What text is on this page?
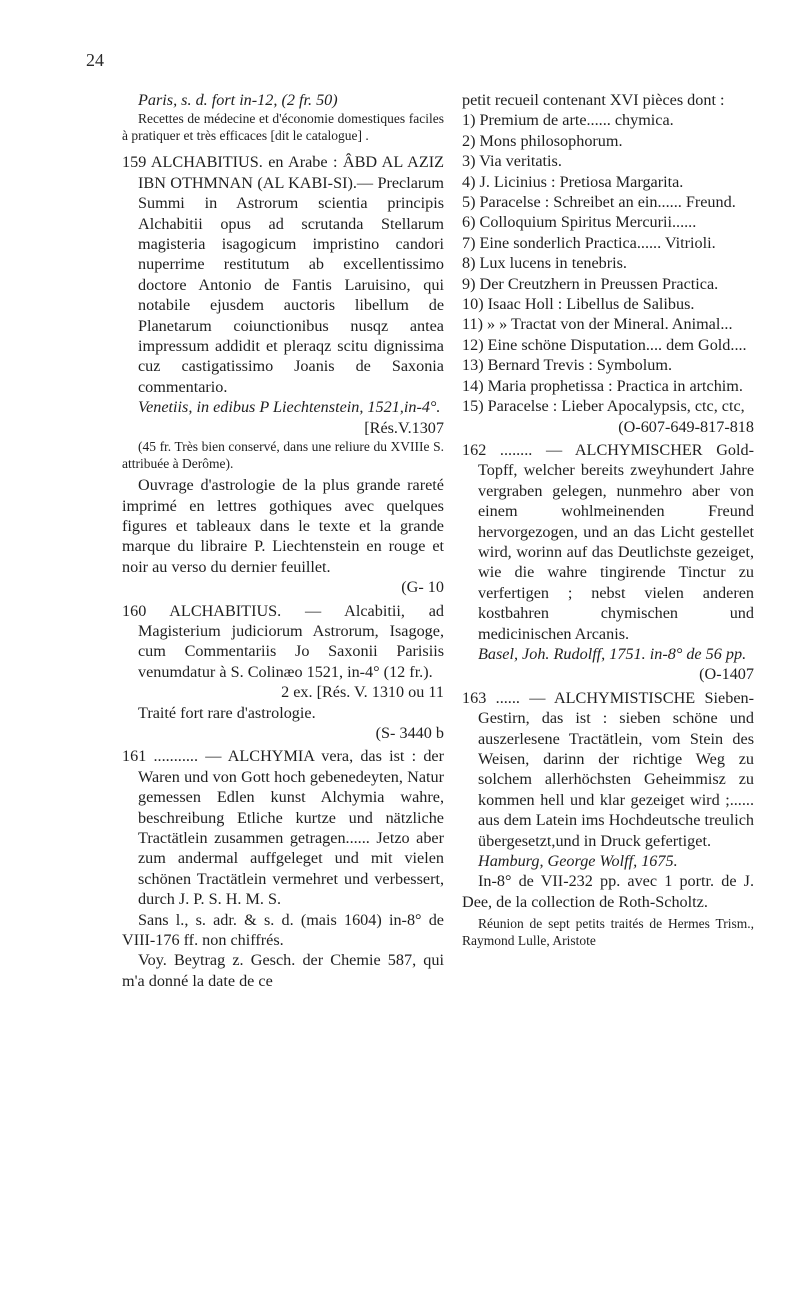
24

Paris, s. d. fort in-12, (2 fr. 50)

Recettes de médecine et d'économie domestiques faciles à pratiquer et très efficaces [dit le catalogue] .

159 ALCHABITIUS. en Arabe : ÂBD AL AZIZ IBN OTHMNAN (AL KABI-SI).— Preclarum Summi in Astrorum scientia principis Alchabitii opus ad scrutanda Stellarum magisteria isagogicum impristino candori nuperrime restitutum ab excellentissimo doctore Antonio de Fantis Laruisino, qui notabile ejusdem auctoris libellum de Planetarum coiunctionibus nusqz antea impressum addidit et pleraqz scitu dignissima cuz castigatissimo Joanis de Saxonia commentario.

Venetiis, in edibus P Liechtenstein, 1521,in-4°.

[Rés.V.1307

(45 fr. Très bien conservé, dans une reliure du XVIIIe S. attribuée à Derôme).

Ouvrage d'astrologie de la plus grande rareté imprimé en lettres gothiques avec quelques figures et tableaux dans le texte et la grande marque du libraire P. Liechtenstein en rouge et noir au verso du dernier feuillet.

(G- 10

160 ALCHABITIUS. — Alcabitii, ad Magisterium judiciorum Astrorum, Isagoge, cum Commentariis Jo Saxonii Parisiis venumdatur à S. Colinæo 1521, in-4° (12 fr.).

2 ex. [Rés. V. 1310 ou 11

Traité fort rare d'astrologie.

(S- 3440 b

161 ........... — ALCHYMIA vera, das ist : der Waren und von Gott hoch gebenedeyten, Natur gemessen Edlen kunst Alchymia wahre, beschreibung Etliche kurtze und nätzliche Tractätlein zusammen getragen...... Jetzo aber zum andermal auffgeleget und mit vielen schönen Tractätlein vermehret und verbessert, durch J. P. S. H. M. S.

Sans l., s. adr. & s. d. (mais 1604) in-8° de VIII-176 ff. non chiffrés.

Voy. Beytrag z. Gesch. der Chemie 587, qui m'a donné la date de ce

petit recueil contenant XVI pièces dont :

1) Premium de arte...... chymica.

2) Mons philosophorum.

3) Via veritatis.

4) J. Licinius : Pretiosa Margarita.

5) Paracelse : Schreibet an ein...... Freund.

6) Colloquium Spiritus Mercurii......

7) Eine sonderlich Practica...... Vitrioli.

8) Lux lucens in tenebris.

9) Der Creutzhern in Preussen Practica.

10) Isaac Holl : Libellus de Salibus.

11) » » Tractat von der Mineral. Animal...

12) Eine schöne Disputation.... dem Gold....

13) Bernard Trevis : Symbolum.

14) Maria prophetissa : Practica in artchim.

15) Paracelse : Lieber Apocalypsis, ctc, ctc,

(O-607-649-817-818

162 ........ — ALCHYMISCHER Gold-Topff, welcher bereits zweyhundert Jahre vergraben gelegen, nunmehro aber von einem wohlmeinenden Freund hervorgezogen, und an das Licht gestellet wird, worinn auf das Deutlichste gezeiget, wie die wahre tingirende Tinctur zu verfertigen ; nebst vielen anderen kostbahren chymischen und medicinischen Arcanis.

Basel, Joh. Rudolff, 1751. in-8° de 56 pp.

(O-1407

163 ...... — ALCHYMISTISCHE Sieben-Gestirn, das ist : sieben schöne und auszerlesene Tractätlein, vom Stein des Weisen, darinn der richtige Weg zu solchem allerhöchsten Geheimmisz zu kommen hell und klar gezeiget wird ;...... aus dem Latein ims Hochdeutsche treulich übergesetzt,und in Druck gefertiget.

Hamburg, George Wolff, 1675.

In-8° de VII-232 pp. avec 1 portr. de J. Dee, de la collection de Roth-Scholtz.

Réunion de sept petits traités de Hermes Trism., Raymond Lulle, Aristote
